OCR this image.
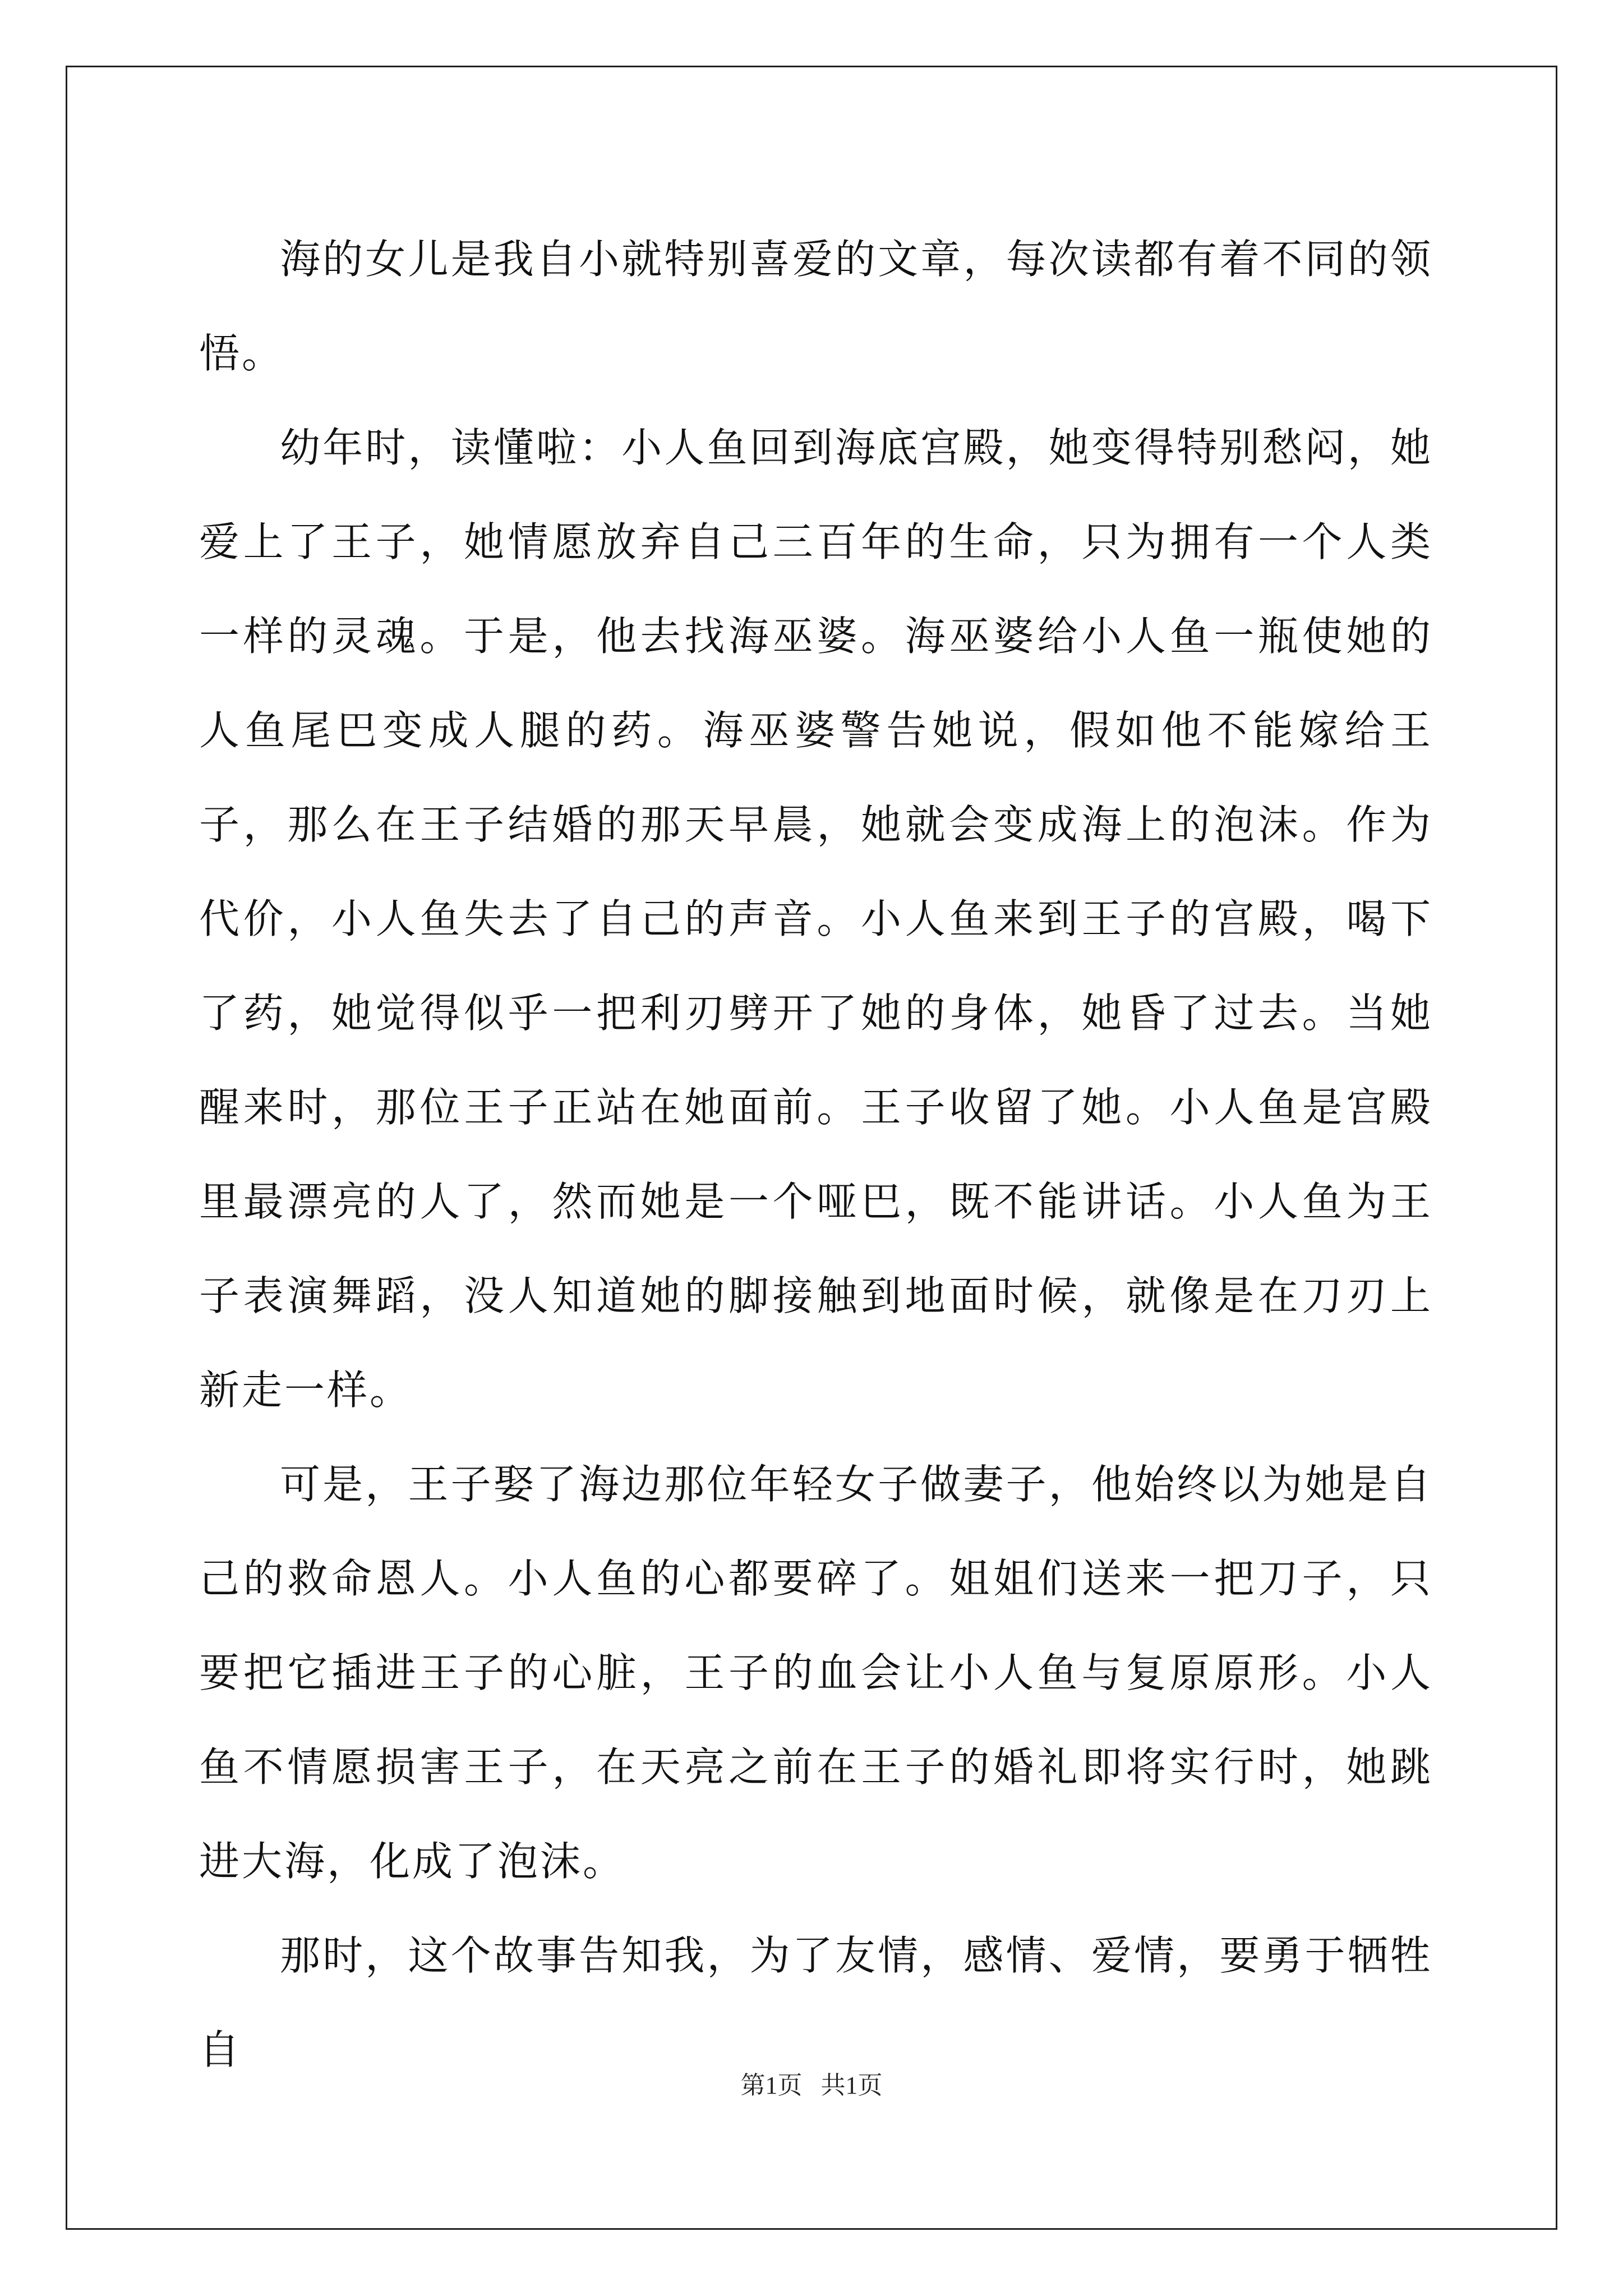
海的女儿是我自小就特别喜爱的文章，每次读都有着不同的领悟。

幼年时，读懂啦：小人鱼回到海底宫殿，她变得特别愁闷，她爱上了王子，她情愿放弃自己三百年的生命，只为拥有一个人类一样的灵魂。于是，他去找海巫婆。海巫婆给小人鱼一瓶使她的人鱼尾巴变成人腿的药。海巫婆警告她说，假如他不能嫁给王子，那么在王子结婚的那天早晨，她就会变成海上的泡沫。作为代价，小人鱼失去了自己的声音。小人鱼来到王子的宫殿，喝下了药，她觉得似乎一把利刃劈开了她的身体，她昏了过去。当她醒来时，那位王子正站在她面前。王子收留了她。小人鱼是宫殿里最漂亮的人了，然而她是一个哑巴，既不能讲话。小人鱼为王子表演舞蹈，没人知道她的脚接触到地面时候，就像是在刀刃上新走一样。

可是，王子娶了海边那位年轻女子做妻子，他始终以为她是自己的救命恩人。小人鱼的心都要碎了。姐姐们送来一把刀子，只要把它插进王子的心脏，王子的血会让小人鱼与复原原形。小人鱼不情愿损害王子，在天亮之前在王子的婚礼即将实行时，她跳进大海，化成了泡沫。

那时，这个故事告知我，为了友情，感情、爱情，要勇于牺牲自

第1页   共1页
